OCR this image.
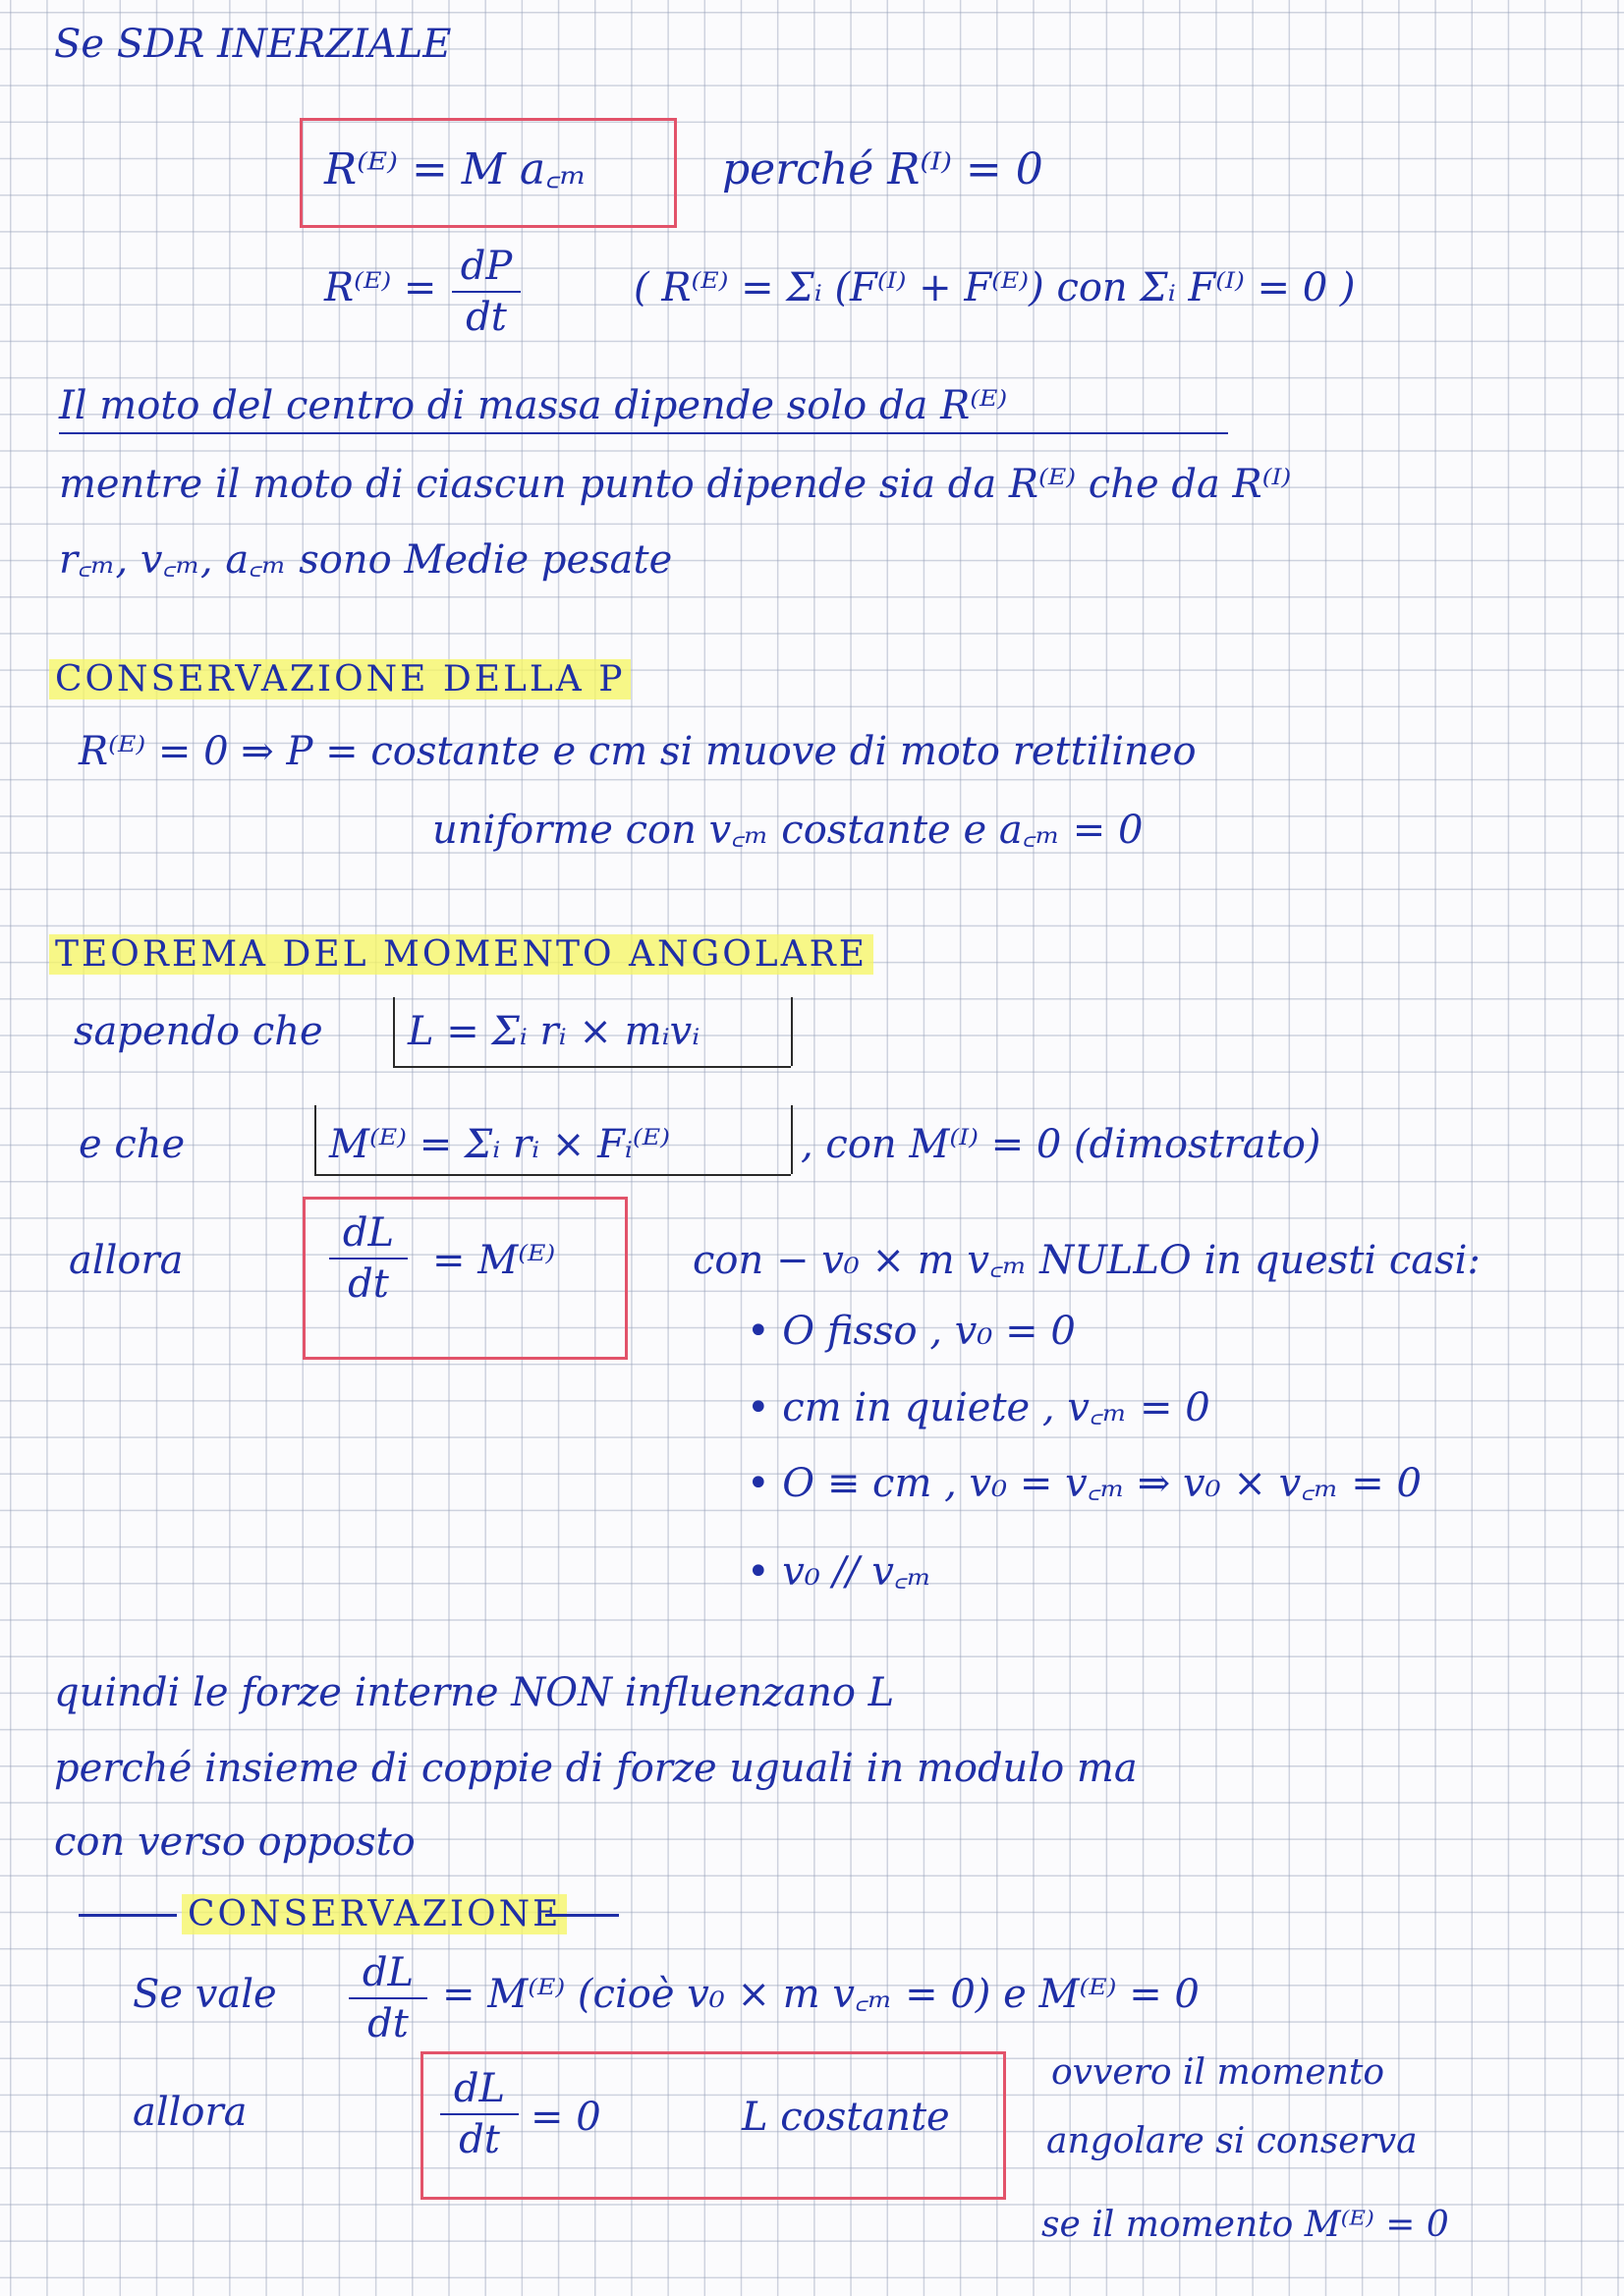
Se SDR INERZIALE
R⁽ᴱ⁾ = M a꜀ₘ	perché R⁽ᴵ⁾ = 0
R⁽ᴱ⁾ = dP
dt
( R⁽ᴱ⁾ = Σᵢ (F⁽ᴵ⁾ + F⁽ᴱ⁾) con Σᵢ F⁽ᴵ⁾ = 0 )
Il moto del centro di massa dipende solo da R⁽ᴱ⁾
mentre il moto di ciascun punto dipende sia da R⁽ᴱ⁾ che da R⁽ᴵ⁾
r꜀ₘ, v꜀ₘ, a꜀ₘ sono Medie pesate
CONSERVAZIONE DELLA P
R⁽ᴱ⁾ = 0 ⇒ P = costante e cm si muove di moto rettilineo
uniforme con v꜀ₘ costante e a꜀ₘ = 0
TEOREMA DEL MOMENTO ANGOLARE
sapendo che L = Σᵢ rᵢ × mᵢvᵢ
e che	M⁽ᴱ⁾ = Σᵢ rᵢ × Fᵢ⁽ᴱ⁾	, con M⁽ᴵ⁾ = 0 (dimostrato)
allora
dL
dt
= M⁽ᴱ⁾	con − v₀ × m v꜀ₘ NULLO in questi casi:
• O fisso , v₀ = 0
• cm in quiete , v꜀ₘ = 0
• O ≡ cm , v₀ = v꜀ₘ ⇒ v₀ × v꜀ₘ = 0
• v₀ // v꜀ₘ
quindi le forze interne NON influenzano L
perché insieme di coppie di forze uguali in modulo ma
con verso opposto
CONSERVAZIONE
Se vale	dL
dt
= M⁽ᴱ⁾ (cioè v₀ × m v꜀ₘ = 0) e M⁽ᴱ⁾ = 0
allora
dL
dt = 0	L costante
ovvero il momento
angolare si conserva
se il momento M⁽ᴱ⁾ = 0
